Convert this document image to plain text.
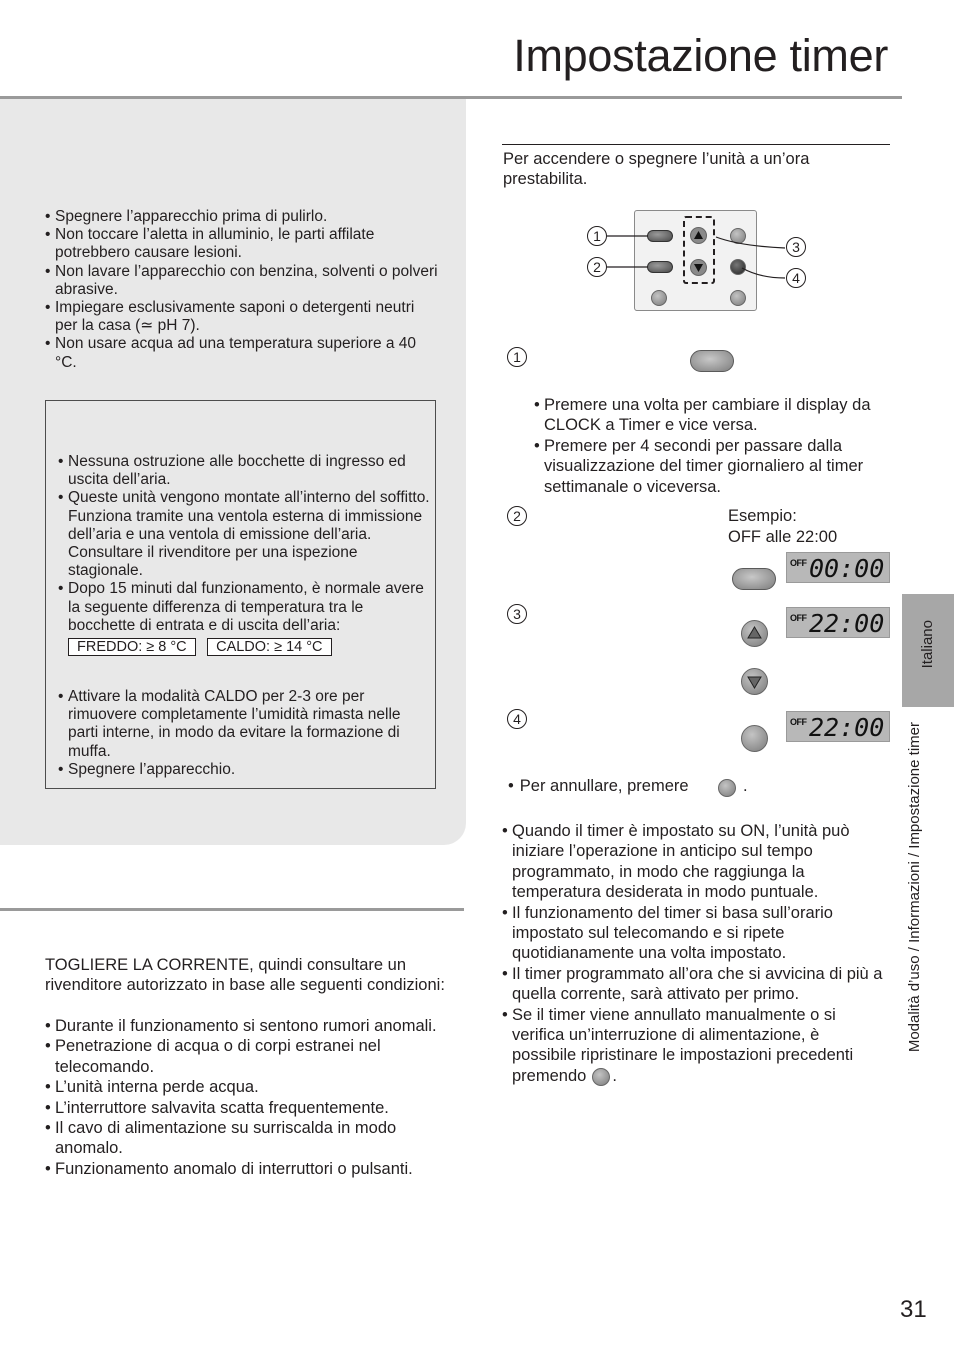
Impostazione timer
• Spegnere l’apparecchio prima di pulirlo.
• Non toccare l’aletta in alluminio, le parti affilate potrebbero causare lesioni.
• Non lavare l’apparecchio con benzina, solventi o polveri abrasive.
• Impiegare esclusivamente saponi o detergenti neutri per la casa (≃ pH 7).
• Non usare acqua ad una temperatura superiore a 40 °C.
• Nessuna ostruzione alle bocchette di ingresso ed uscita dell’aria.
• Queste unità vengono montate all’interno del soffitto. Funziona tramite una ventola esterna di immissione dell’aria e una ventola di emissione dell’aria. Consultare il rivenditore per una ispezione stagionale.
• Dopo 15 minuti dal funzionamento, è normale avere la seguente differenza di temperatura tra le bocchette di entrata e di uscita dell’aria:
FREDDO: ≥ 8 °C CALDO: ≥ 14 °C
• Attivare la modalità CALDO per 2-3 ore per rimuovere completamente l’umidità rimasta nelle parti interne, in modo da evitare la formazione di muffa.
• Spegnere l’apparecchio.
TOGLIERE LA CORRENTE, quindi consultare un rivenditore autorizzato in base alle seguenti condizioni:
• Durante il funzionamento si sentono rumori anomali.
• Penetrazione di acqua o di corpi estranei nel telecomando.
• L’unità interna perde acqua.
• L’interruttore salvavita scatta frequentemente.
• Il cavo di alimentazione su surriscalda in modo anomalo.
• Funzionamento anomalo di interruttori o pulsanti.
Per accendere o spegnere l’unità a un’ora prestabilita.
1
2
3
4
1
• Premere una volta per cambiare il display da CLOCK a Timer e vice versa.
• Premere per 4 secondi per passare dalla visualizzazione del timer giornaliero al timer settimanale o viceversa.
2	Esempio:
OFF alle 22:00
OFF 00:00
3	OFF 22:00
4	OFF 22:00
• Per annullare, premere	.
• Quando il timer è impostato su ON, l’unità può iniziare l’operazione in anticipo sul tempo programmato, in modo che raggiunga la temperatura desiderata in modo puntuale.
• Il funzionamento del timer si basa sull’orario impostato sul telecomando e si ripete quotidianamente una volta impostato.
• Il timer programmato all’ora che si avvicina di più a quella corrente, sarà attivato per primo.
• Se il timer viene annullato manualmente o si verifica un’interruzione di alimentazione, è possibile ripristinare le impostazioni precedenti premendo .
Italiano
Modalità d’uso / Informazioni / Impostazione timer
31
